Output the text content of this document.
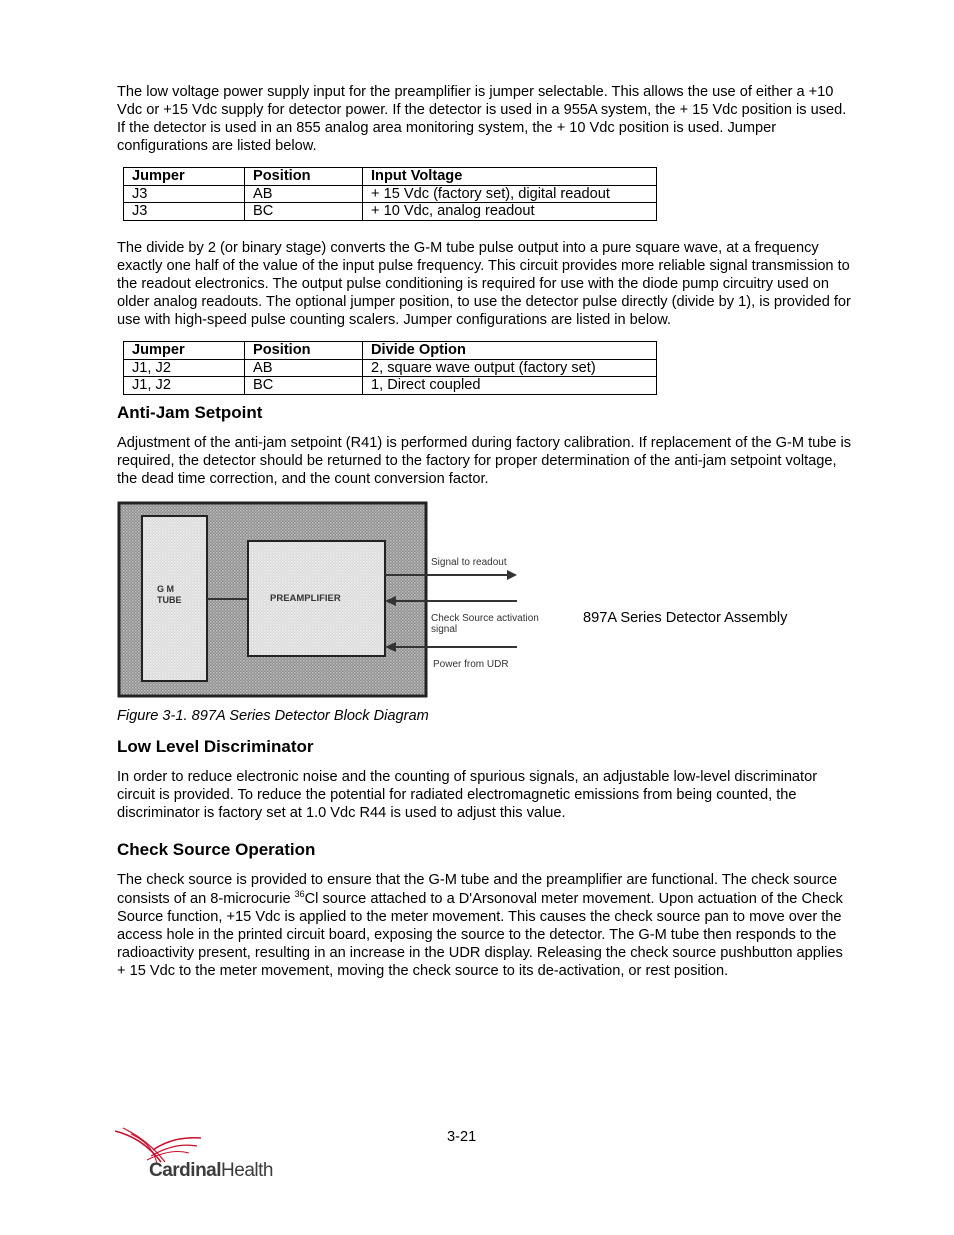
The low voltage power supply input for the preamplifier is jumper selectable. This allows the use of either a +10 Vdc or +15 Vdc supply for detector power. If the detector is used in a 955A system, the + 15 Vdc position is used. If the detector is used in an 855 analog area monitoring system, the + 10 Vdc position is used. Jumper configurations are listed below.

Jumper	Position	Input Voltage
J3	AB	+ 15 Vdc (factory set), digital readout
J3	BC	+ 10 Vdc, analog readout

The divide by 2 (or binary stage) converts the G-M tube pulse output into a pure square wave, at a frequency exactly one half of the value of the input pulse frequency. This circuit provides more reliable signal transmission to the readout electronics. The output pulse conditioning is required for use with the diode pump circuitry used on older analog readouts. The optional jumper position, to use the detector pulse directly (divide by 1), is provided for use with high-speed pulse counting scalers. Jumper configurations are listed in below.

Jumper	Position	Divide Option
J1, J2	AB	2, square wave output (factory set)
J1, J2	BC	1, Direct coupled
Anti-Jam Setpoint

Adjustment of the anti-jam setpoint (R41) is performed during factory calibration. If replacement of the G-M tube is required, the detector should be returned to the factory for proper determination of the anti-jam setpoint voltage, the dead time correction, and the count conversion factor.

G M
TUBE	PREAMPLIFIER
Signal to readout
Check Source activation
signal
Power from UDR
897A Series Detector Assembly
Figure 3-1. 897A Series Detector Block Diagram
Low Level Discriminator

In order to reduce electronic noise and the counting of spurious signals, an adjustable low-level discriminator circuit is provided. To reduce the potential for radiated electromagnetic emissions from being counted, the discriminator is factory set at 1.0 Vdc R44 is used to adjust this value.

Check Source Operation

The check source is provided to ensure that the G-M tube and the preamplifier are functional. The check source consists of an 8-microcurie $^{36}$Cl source attached to a D'Arsonoval meter movement. Upon actuation of the Check Source function, +15 Vdc is applied to the meter movement. This causes the check source pan to move over the access hole in the printed circuit board, exposing the source to the detector. The G-M tube then responds to the radioactivity present, resulting in an increase in the UDR display. Releasing the check source pushbutton applies + 15 Vdc to the meter movement, moving the check source to its de-activation, or rest position.

3-21
CardinalHealth
